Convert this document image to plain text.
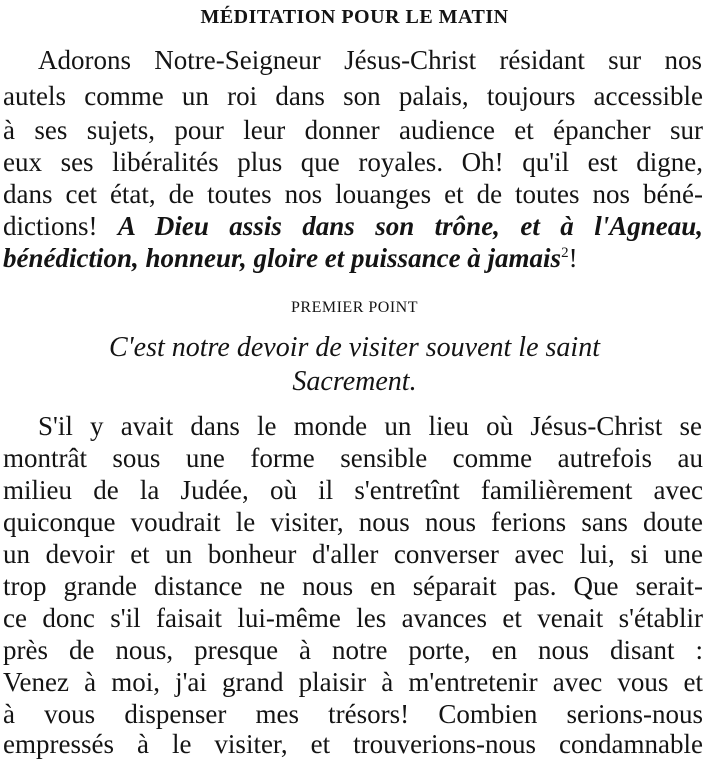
MÉDITATION POUR LE MATIN
Adorons Notre-Seigneur Jésus-Christ résidant sur nos
autels comme un roi dans son palais, toujours accessible
à ses sujets, pour leur donner audience et épancher sur
eux ses libéralités plus que royales. Oh! qu'il est digne,
dans cet état, de toutes nos louanges et de toutes nos béné-
dictions! A Dieu assis dans son trône, et à l'Agneau,
bénédiction, honneur, gloire et puissance à jamais$^2$!
PREMIER POINT
C'est notre devoir de visiter souvent le saint
Sacrement.
S'il y avait dans le monde un lieu où Jésus-Christ se
montrât sous une forme sensible comme autrefois au
milieu de la Judée, où il s'entretînt familièrement avec
quiconque voudrait le visiter, nous nous ferions sans doute
un devoir et un bonheur d'aller converser avec lui, si une
trop grande distance ne nous en séparait pas. Que serait-
ce donc s'il faisait lui-même les avances et venait s'établir
près de nous, presque à notre porte, en nous disant :
Venez à moi, j'ai grand plaisir à m'entretenir avec vous et
à vous dispenser mes trésors! Combien serions-nous
empressés à le visiter, et trouverions-nous condamnable
